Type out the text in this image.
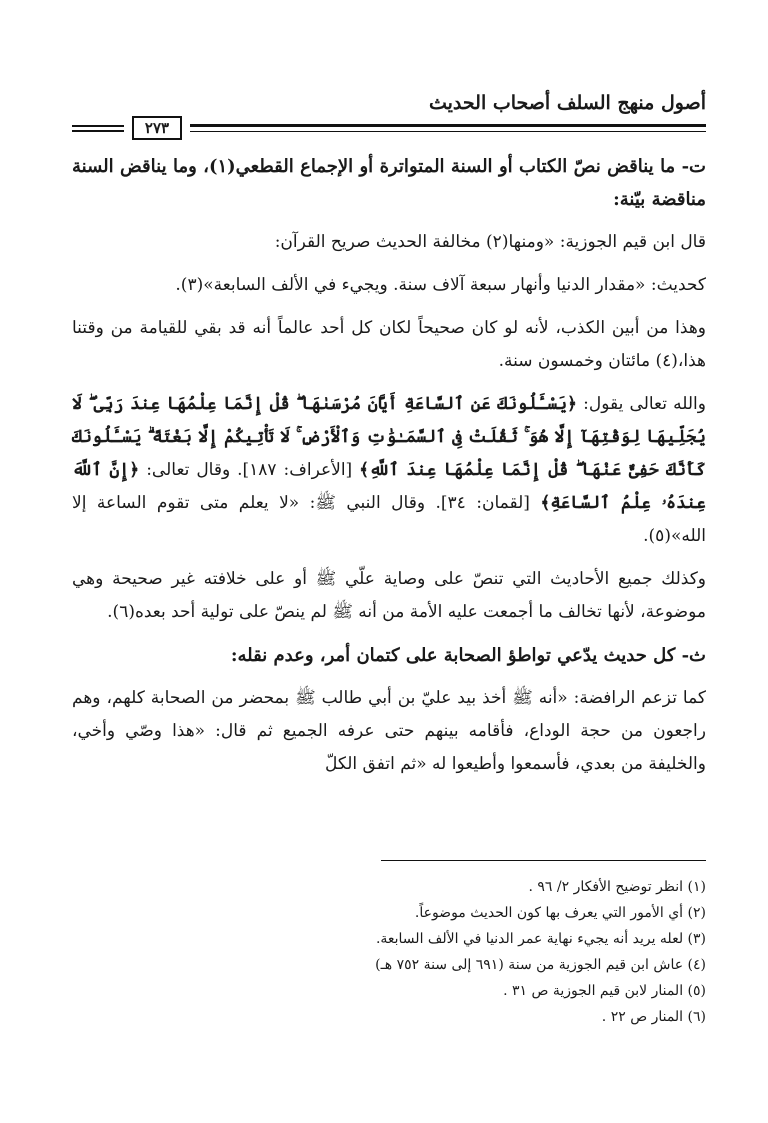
أصول منهج السلف أصحاب الحديث
٢٧٣

ت- ما يناقض نصّ الكتاب أو السنة المتواترة أو الإجماع القطعي(١)، وما يناقض السنة مناقضة بيّنة:

قال ابن قيم الجوزية: «ومنها(٢) مخالفة الحديث صريح القرآن:

كحديث: «مقدار الدنيا وأنهار سبعة آلاف سنة. ويجيء في الألف السابعة»(٣).

وهذا من أبين الكذب، لأنه لو كان صحيحاً لكان كل أحد عالماً أنه قد بقي للقيامة من وقتنا هذا،(٤) مائتان وخمسون سنة.

والله تعالى يقول: ﴿يَسْـَٔلُونَكَ عَنِ ٱلسَّاعَةِ أَيَّانَ مُرْسَىٰهَا ۖ قُلْ إِنَّمَا عِلْمُهَا عِندَ رَبِّى ۖ لَا يُجَلِّيهَا لِوَقْتِهَآ إِلَّا هُوَ ۚ ثَقُلَتْ فِى ٱلسَّمَـٰوَٰتِ وَٱلْأَرْضِ ۚ لَا تَأْتِيكُمْ إِلَّا بَغْتَةً ۗ يَسْـَٔلُونَكَ كَأَنَّكَ حَفِىٌّ عَنْهَا ۖ قُلْ إِنَّمَا عِلْمُهَا عِندَ ٱللَّهِ﴾ [الأعراف: ١٨٧]. وقال تعالى: ﴿إِنَّ ٱللَّهَ عِندَهُۥ عِلْمُ ٱلسَّاعَةِ﴾ [لقمان: ٣٤]. وقال النبي ﷺ: «لا يعلم متى تقوم الساعة إلا الله»(٥).

وكذلك جميع الأحاديث التي تنصّ على وصاية علّي ﷺ أو على خلافته غير صحيحة وهي موضوعة، لأنها تخالف ما أجمعت عليه الأمة من أنه ﷺ لم ينصّ على تولية أحد بعده(٦).

ث- كل حديث يدّعي تواطؤ الصحابة على كتمان أمر، وعدم نقله:

كما تزعم الرافضة: «أنه ﷺ أخذ بيد عليّ بن أبي طالب ﷺ بمحضر من الصحابة كلهم، وهم راجعون من حجة الوداع، فأقامه بينهم حتى عرفه الجميع ثم قال: «هذا وصّي وأخي، والخليفة من بعدي، فأسمعوا وأطيعوا له «ثم اتفق الكلّ

(١) انظر توضيح الأفكار ٢/ ٩٦ .
(٢) أي الأمور التي يعرف بها كون الحديث موضوعاً.
(٣) لعله يريد أنه يجيء نهاية عمر الدنيا في الألف السابعة.
(٤) عاش ابن قيم الجوزية من سنة (٦٩١ إلى سنة ٧٥٢ هـ)
(٥) المنار لابن قيم الجوزية ص ٣١ .
(٦) المنار ص ٢٢ .
